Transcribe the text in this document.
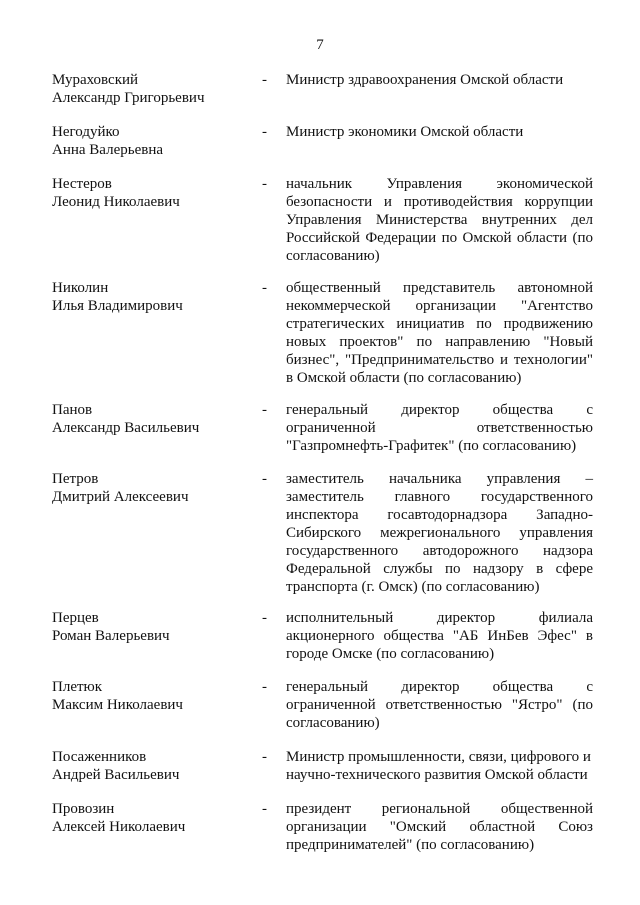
7
Мураховский
Александр Григорьевич
- Министр здравоохранения Омской области
Негодуйко
Анна Валерьевна
- Министр экономики Омской области
Нестеров
Леонид Николаевич
- начальник Управления экономической безопасности и противодействия коррупции Управления Министерства внутренних дел Российской Федерации по Омской области (по согласованию)
Николин
Илья Владимирович
- общественный представитель автономной некоммерческой организации "Агентство стратегических инициатив по продвижению новых проектов" по направлению "Новый бизнес", "Предпринимательство и технологии" в Омской области (по согласованию)
Панов
Александр Васильевич
- генеральный директор общества с ограниченной ответственностью "Газпромнефть-Графитек" (по согласованию)
Петров
Дмитрий Алексеевич
- заместитель начальника управления – заместитель главного государственного инспектора госавтодорнадзора Западно-Сибирского межрегионального управления государственного автодорожного надзора Федеральной службы по надзору в сфере транспорта (г. Омск) (по согласованию)
Перцев
Роман Валерьевич
- исполнительный директор филиала акционерного общества "АБ ИнБев Эфес" в городе Омске (по согласованию)
Плетюк
Максим Николаевич
- генеральный директор общества с ограниченной ответственностью "Ястро" (по согласованию)
Посаженников
Андрей Васильевич
- Министр промышленности, связи, цифрового и научно-технического развития Омской области
Провозин
Алексей Николаевич
- президент региональной общественной организации "Омский областной Союз предпринимателей" (по согласованию)
